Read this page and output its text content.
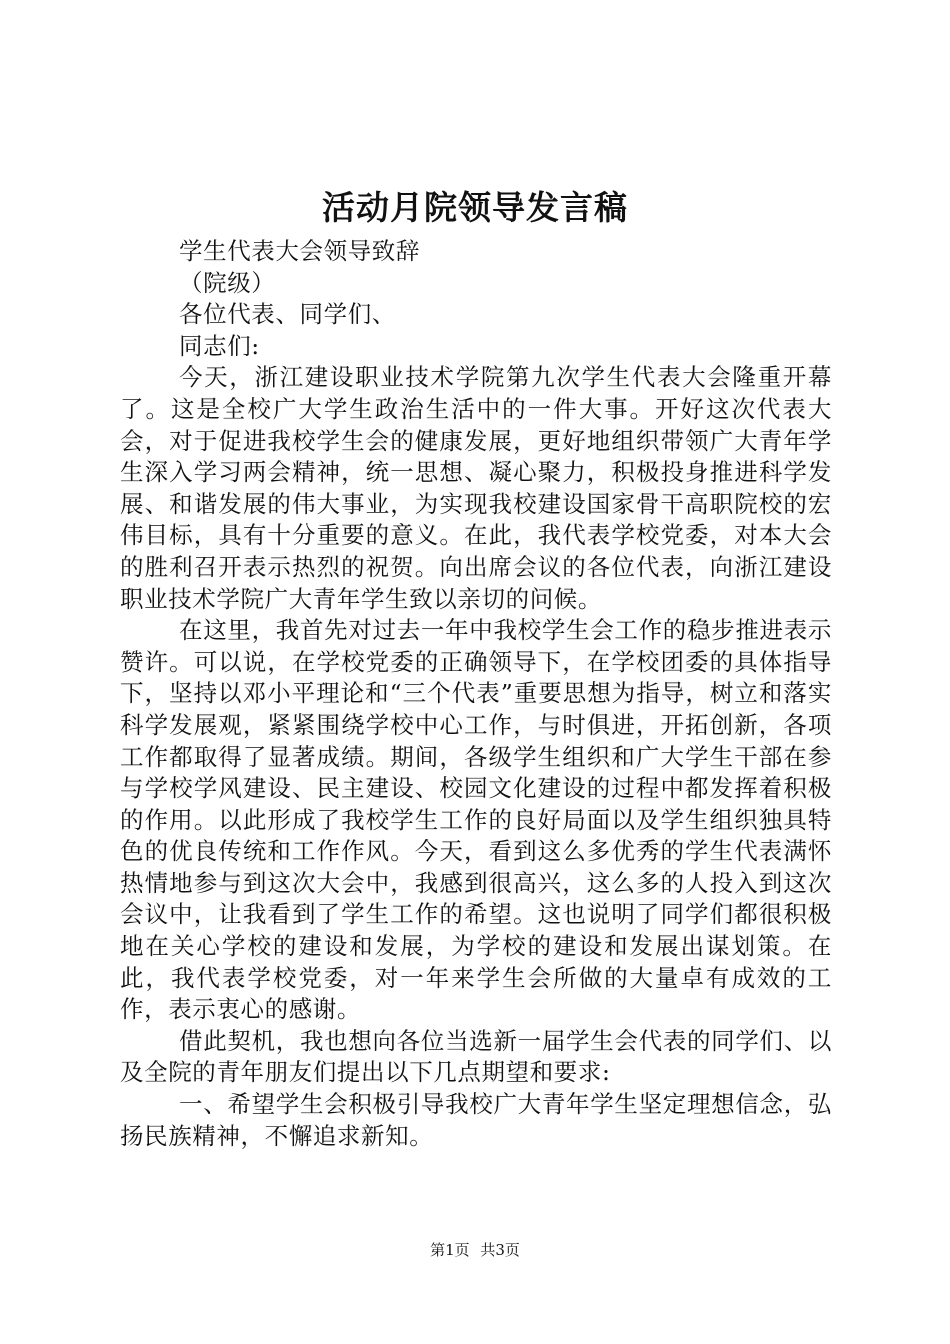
活动月院领导发言稿

学生代表大会领导致辞

（院级）

各位代表、同学们、

同志们:

今天，浙江建设职业技术学院第九次学生代表大会隆重开幕了。这是全校广大学生政治生活中的一件大事。开好这次代表大会，对于促进我校学生会的健康发展，更好地组织带领广大青年学生深入学习两会精神，统一思想、凝心聚力，积极投身推进科学发展、和谐发展的伟大事业，为实现我校建设国家骨干高职院校的宏伟目标，具有十分重要的意义。在此，我代表学校党委，对本大会的胜利召开表示热烈的祝贺。向出席会议的各位代表，向浙江建设职业技术学院广大青年学生致以亲切的问候。

在这里，我首先对过去一年中我校学生会工作的稳步推进表示赞许。可以说，在学校党委的正确领导下，在学校团委的具体指导下，坚持以邓小平理论和“三个代表”重要思想为指导，树立和落实科学发展观，紧紧围绕学校中心工作，与时俱进，开拓创新，各项工作都取得了显著成绩。期间，各级学生组织和广大学生干部在参与学校学风建设、民主建设、校园文化建设的过程中都发挥着积极的作用。以此形成了我校学生工作的良好局面以及学生组织独具特色的优良传统和工作作风。今天，看到这么多优秀的学生代表满怀热情地参与到这次大会中，我感到很高兴，这么多的人投入到这次会议中，让我看到了学生工作的希望。这也说明了同学们都很积极地在关心学校的建设和发展，为学校的建设和发展出谋划策。在此，我代表学校党委，对一年来学生会所做的大量卓有成效的工作，表示衷心的感谢。

借此契机，我也想向各位当选新一届学生会代表的同学们、以及全院的青年朋友们提出以下几点期望和要求:

一、希望学生会积极引导我校广大青年学生坚定理想信念，弘扬民族精神，不懈追求新知。

第1页 共3页
